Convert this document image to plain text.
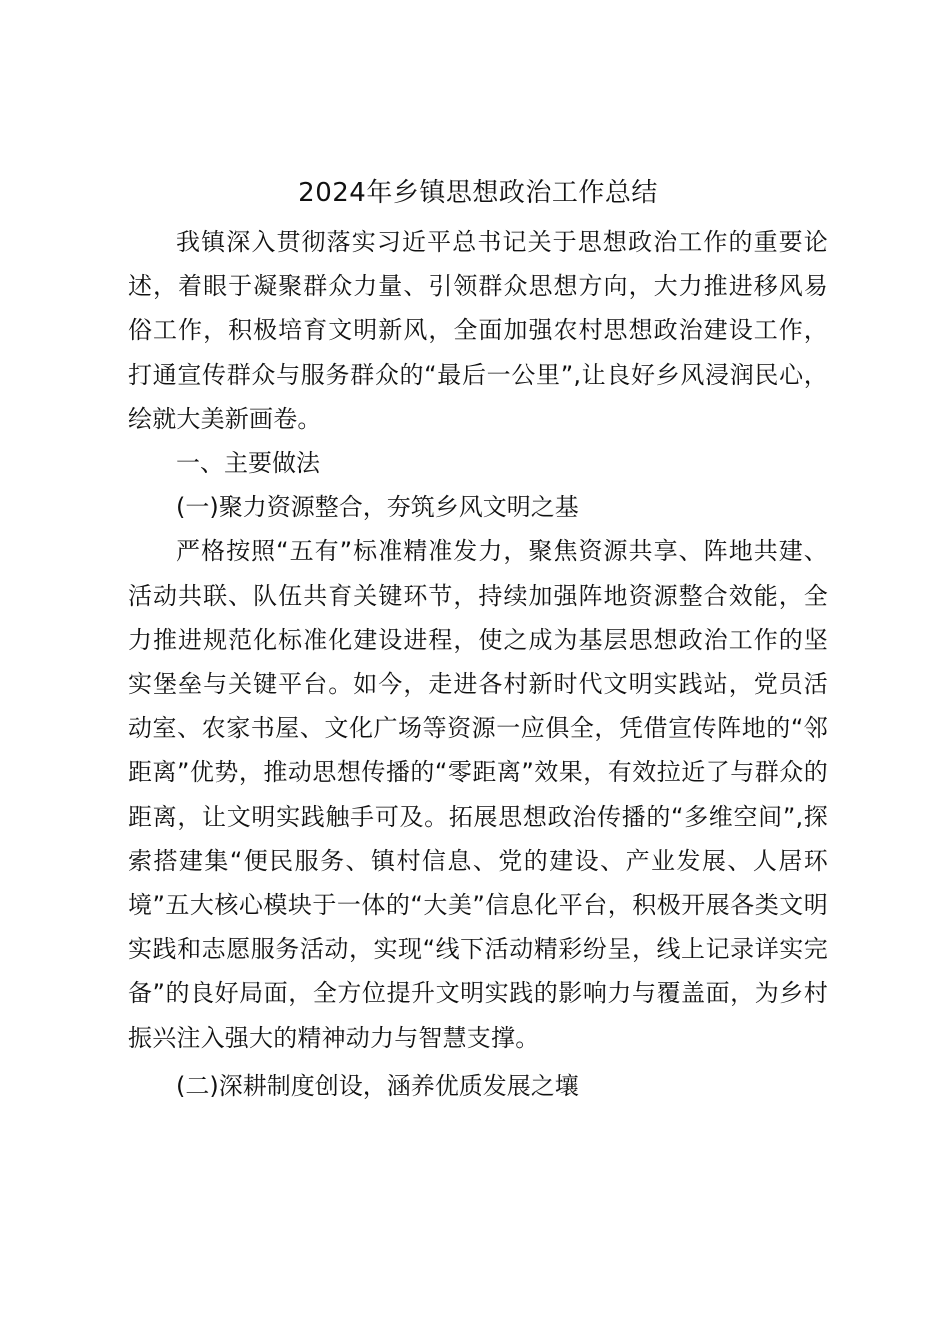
2024年乡镇思想政治工作总结

我镇深入贯彻落实习近平总书记关于思想政治工作的重要论述，着眼于凝聚群众力量、引领群众思想方向，大力推进移风易俗工作，积极培育文明新风，全面加强农村思想政治建设工作，打通宣传群众与服务群众的“最后一公里”,让良好乡风浸润民心，绘就大美新画卷。

一、主要做法

(一)聚力资源整合，夯筑乡风文明之基

严格按照“五有”标准精准发力，聚焦资源共享、阵地共建、活动共联、队伍共育关键环节，持续加强阵地资源整合效能，全力推进规范化标准化建设进程，使之成为基层思想政治工作的坚实堡垒与关键平台。如今，走进各村新时代文明实践站，党员活动室、农家书屋、文化广场等资源一应俱全，凭借宣传阵地的“邻距离”优势，推动思想传播的“零距离”效果，有效拉近了与群众的距离，让文明实践触手可及。拓展思想政治传播的“多维空间”,探索搭建集“便民服务、镇村信息、党的建设、产业发展、人居环境”五大核心模块于一体的“大美”信息化平台，积极开展各类文明实践和志愿服务活动，实现“线下活动精彩纷呈，线上记录详实完备”的良好局面，全方位提升文明实践的影响力与覆盖面，为乡村振兴注入强大的精神动力与智慧支撑。

(二)深耕制度创设，涵养优质发展之壤
